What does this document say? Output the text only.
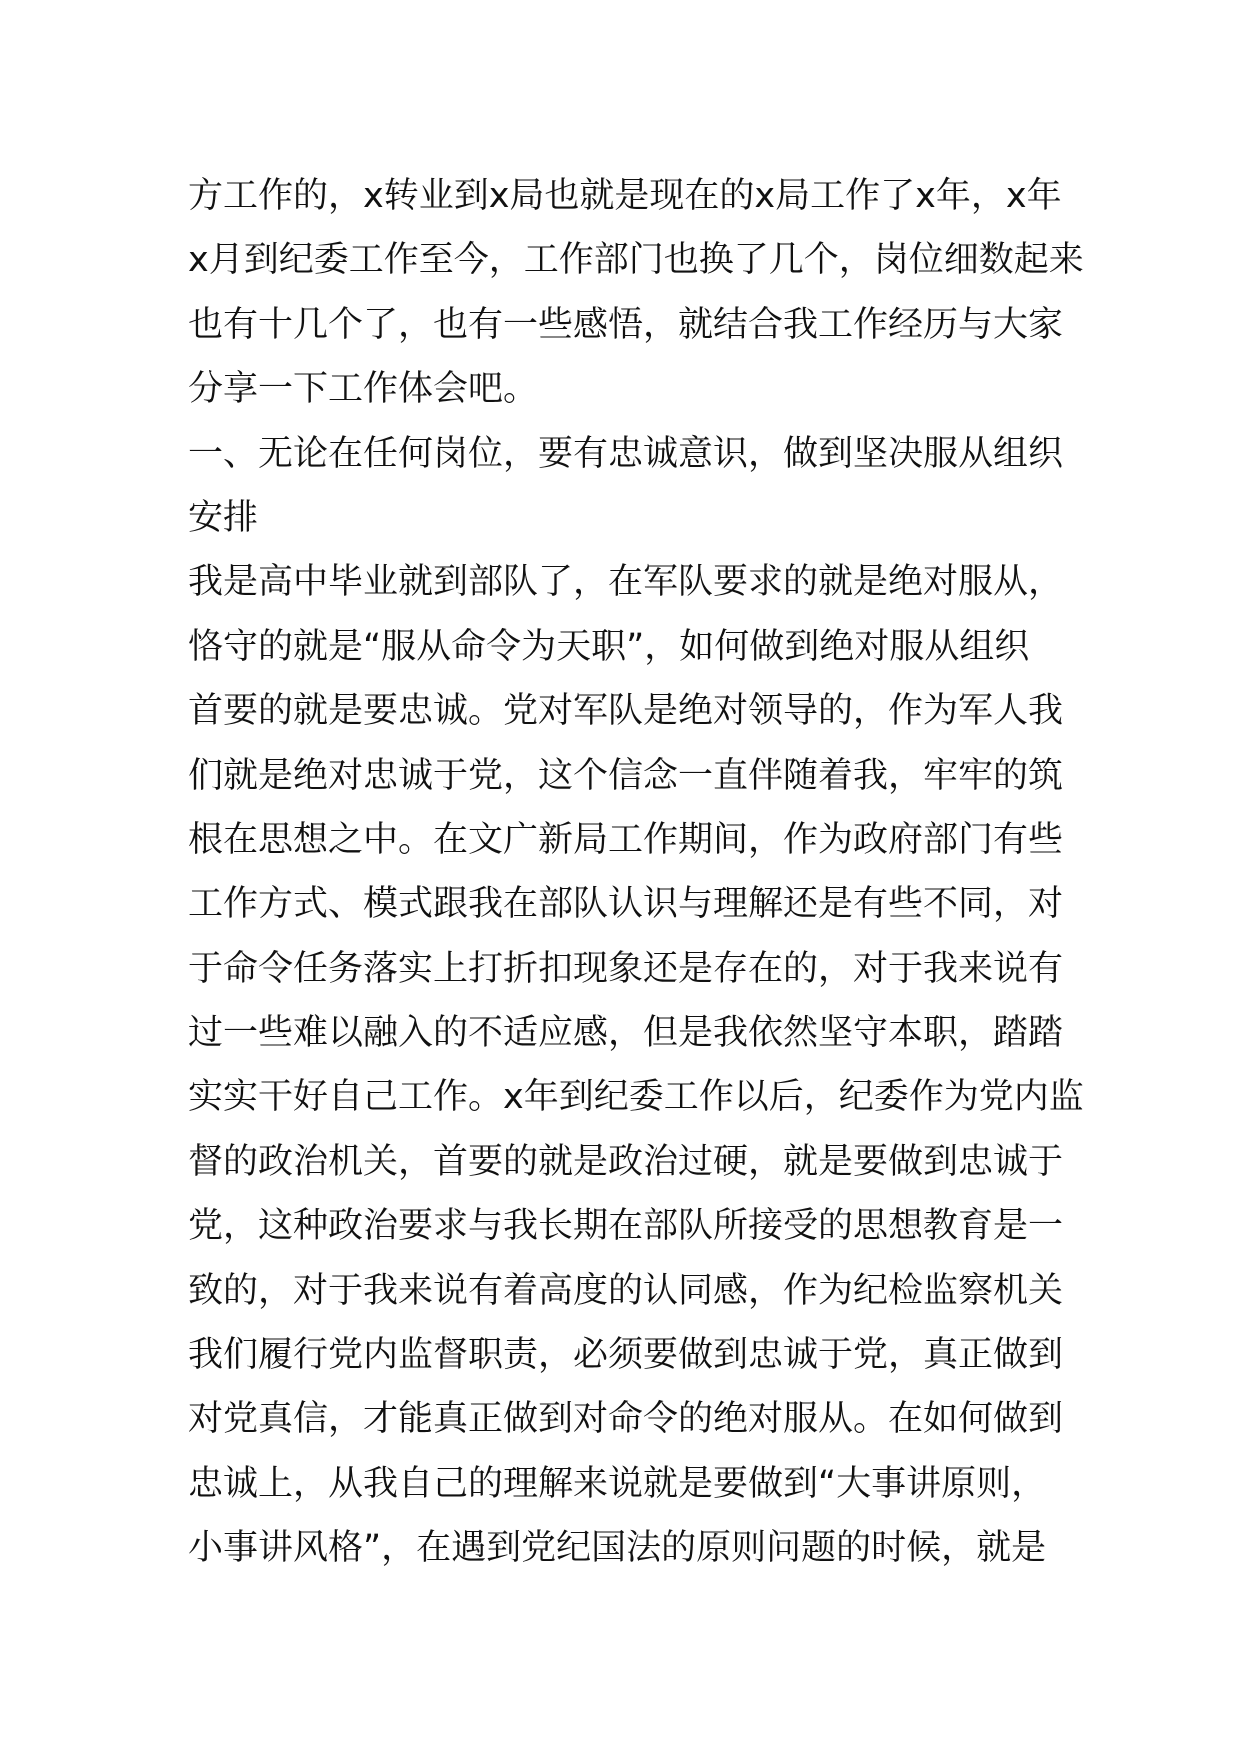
方工作的，x转业到x局也就是现在的x局工作了x年，x年
x月到纪委工作至今，工作部门也换了几个，岗位细数起来
也有十几个了，也有一些感悟，就结合我工作经历与大家
分享一下工作体会吧。

一、无论在任何岗位，要有忠诚意识，做到坚决服从组织
安排

我是高中毕业就到部队了，在军队要求的就是绝对服从，
恪守的就是“服从命令为天职”，如何做到绝对服从组织
首要的就是要忠诚。党对军队是绝对领导的，作为军人我
们就是绝对忠诚于党，这个信念一直伴随着我，牢牢的筑
根在思想之中。在文广新局工作期间，作为政府部门有些
工作方式、模式跟我在部队认识与理解还是有些不同，对
于命令任务落实上打折扣现象还是存在的，对于我来说有
过一些难以融入的不适应感，但是我依然坚守本职，踏踏
实实干好自己工作。x年到纪委工作以后，纪委作为党内监
督的政治机关，首要的就是政治过硬，就是要做到忠诚于
党，这种政治要求与我长期在部队所接受的思想教育是一
致的，对于我来说有着高度的认同感，作为纪检监察机关
我们履行党内监督职责，必须要做到忠诚于党，真正做到
对党真信，才能真正做到对命令的绝对服从。在如何做到
忠诚上，从我自己的理解来说就是要做到“大事讲原则，
小事讲风格”，在遇到党纪国法的原则问题的时候，就是
